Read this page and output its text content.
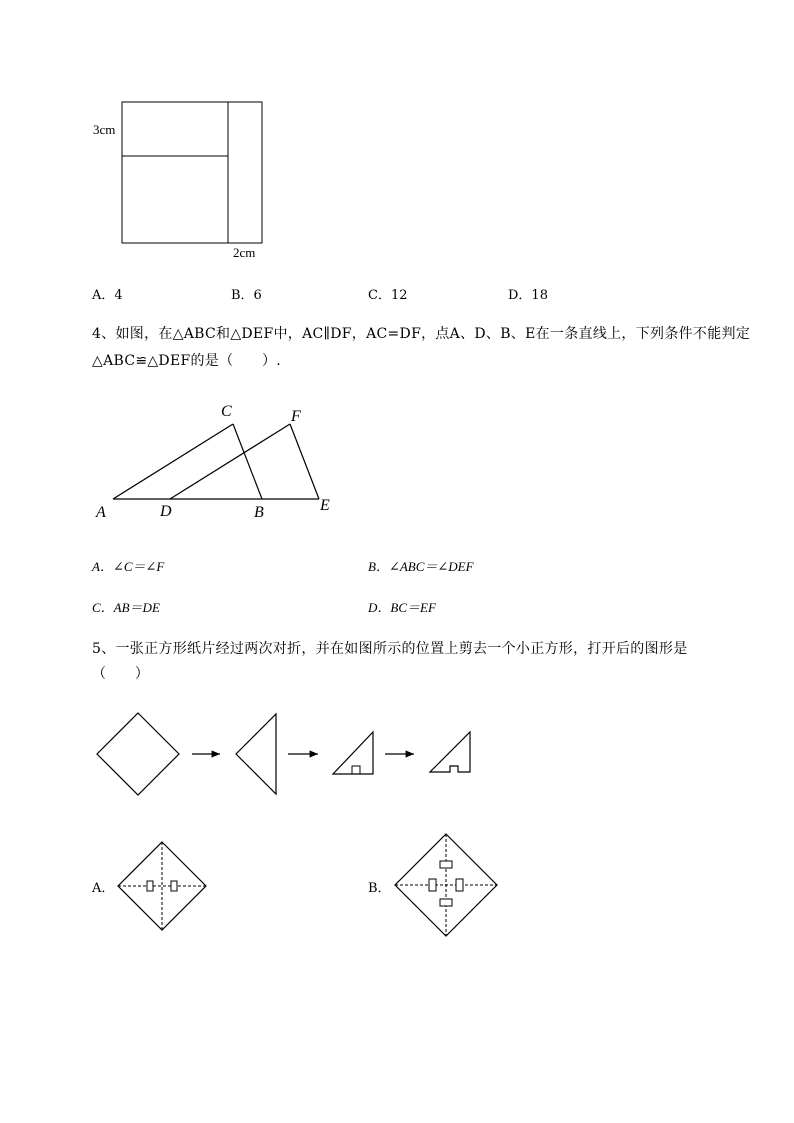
3cm
2cm
A．4	B．6	C．12	D．18
4、如图，在△ABC和△DEF中，AC∥DF，AC=DF，点A、D、B、E在一条直线上，下列条件不能判定
△ABC≌△DEF的是（　　）.
A	D	B	E
C	F
A．∠C＝∠F	B．∠ABC＝∠DEF
C．AB＝DE	D．BC＝EF
5、一张正方形纸片经过两次对折，并在如图所示的位置上剪去一个小正方形，打开后的图形是
（　　）
A．	B．
